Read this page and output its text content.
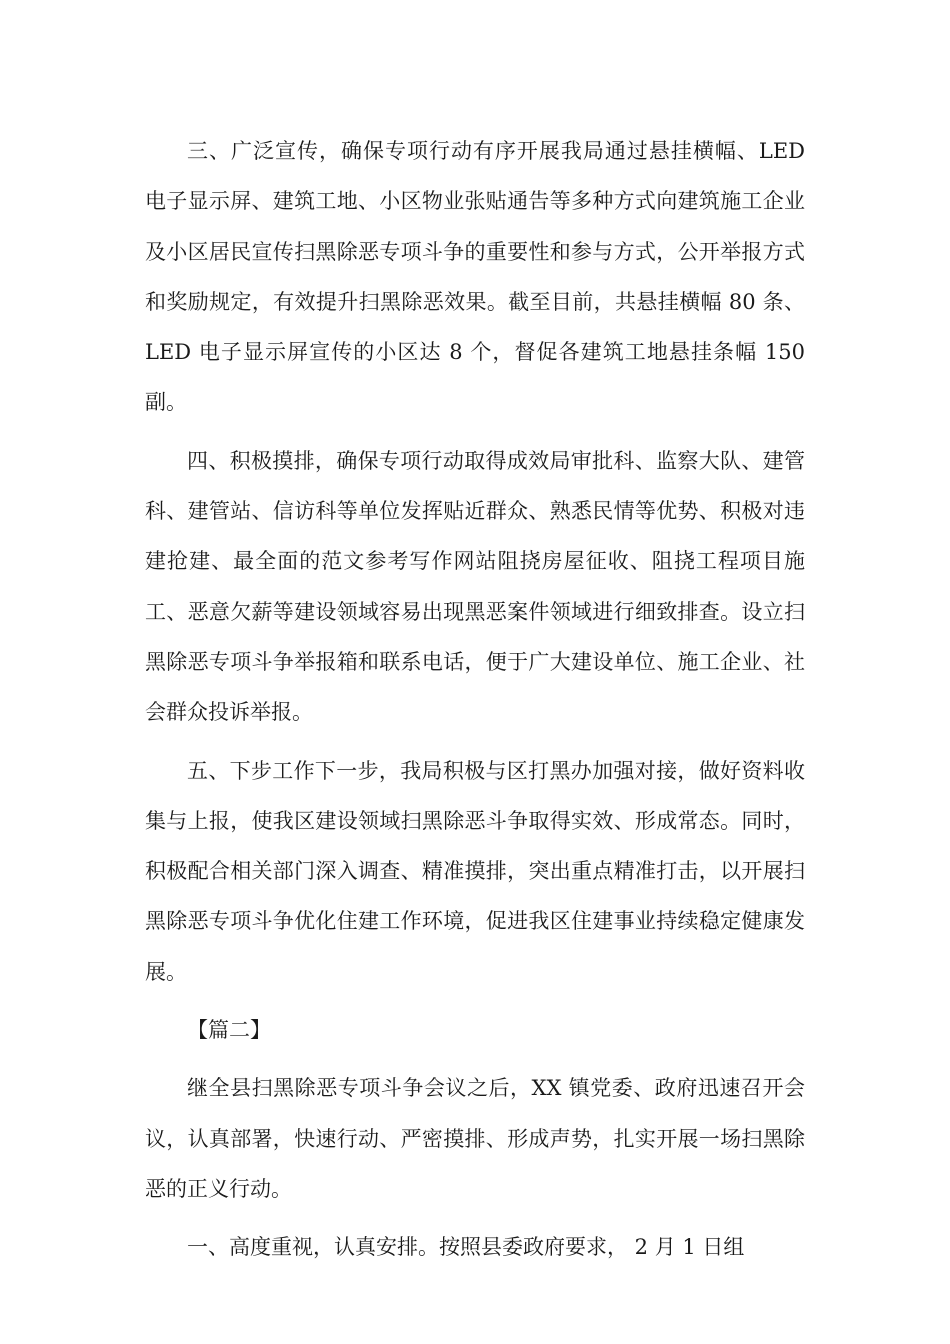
三、广泛宣传，确保专项行动有序开展我局通过悬挂横幅、LED 电子显示屏、建筑工地、小区物业张贴通告等多种方式向建筑施工企业及小区居民宣传扫黑除恶专项斗争的重要性和参与方式，公开举报方式和奖励规定，有效提升扫黑除恶效果。截至目前，共悬挂横幅 80 条、 LED 电子显示屏宣传的小区达 8 个，督促各建筑工地悬挂条幅 150 副。

四、积极摸排，确保专项行动取得成效局审批科、监察大队、建管科、建管站、信访科等单位发挥贴近群众、熟悉民情等优势、积极对违建抢建、最全面的范文参考写作网站阻挠房屋征收、阻挠工程项目施工、恶意欠薪等建设领域容易出现黑恶案件领域进行细致排查。设立扫黑除恶专项斗争举报箱和联系电话，便于广大建设单位、施工企业、社会群众投诉举报。

五、下步工作下一步，我局积极与区打黑办加强对接，做好资料收集与上报，使我区建设领域扫黑除恶斗争取得实效、形成常态。同时，积极配合相关部门深入调查、精准摸排，突出重点精准打击，以开展扫黑除恶专项斗争优化住建工作环境，促进我区住建事业持续稳定健康发展。

【篇二】

继全县扫黑除恶专项斗争会议之后，XX 镇党委、政府迅速召开会议，认真部署，快速行动、严密摸排、形成声势，扎实开展一场扫黑除恶的正义行动。

一、高度重视，认真安排。按照县委政府要求， 2 月 1 日组
